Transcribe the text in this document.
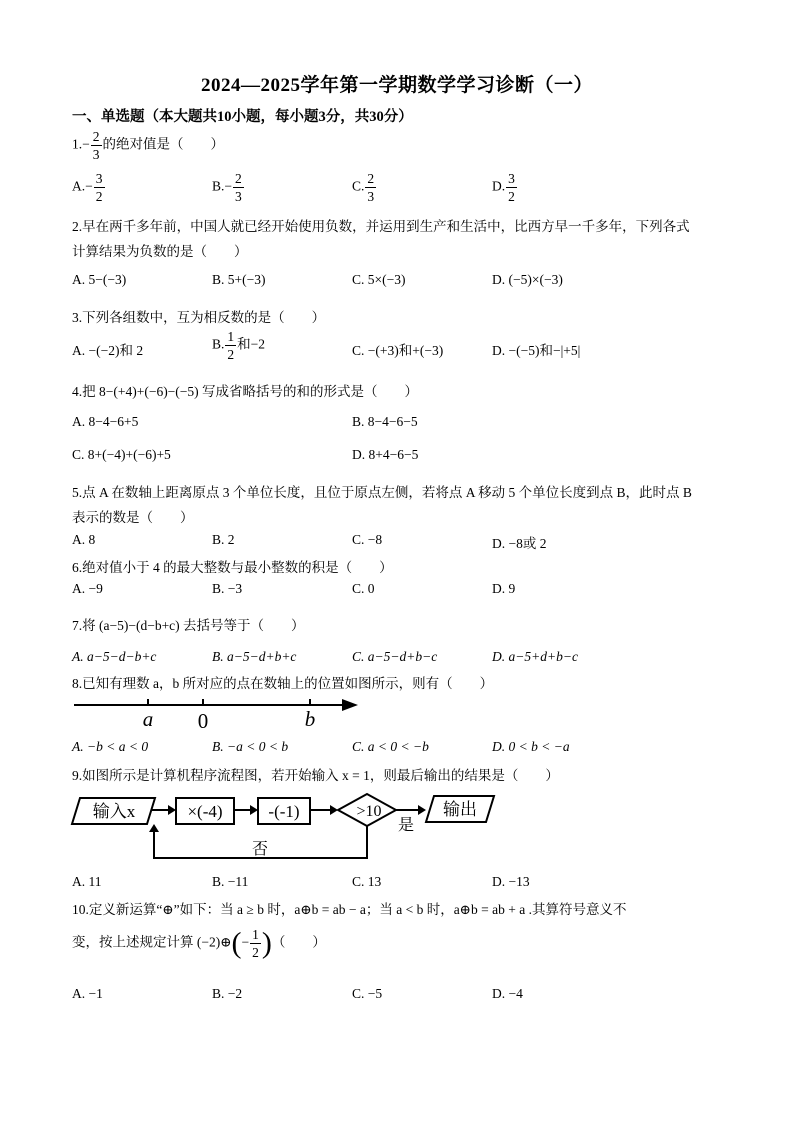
2024—2025学年第一学期数学学习诊断（一）
一、单选题（本大题共10小题，每小题3分，共30分）
$1.- \frac{2}{3}$ 的绝对值是（　　）
$A.- \frac{3}{2}$	$B.- \frac{2}{3}$	C. $\frac{2}{3}$	D. $\frac{3}{2}$
2.早在两千多年前，中国人就已经开始使用负数，并运用到生产和生活中，比西方早一千多年，下列各式
计算结果为负数的是（　　）
A. 5−(−3)	B. 5+(−3)	C. 5×(−3)	D. (−5)×(−3)
3.下列各组数中，互为相反数的是（　　）
A. −(−2)和 2	B. $\frac{1}{2}$ 和−2	C. −(+3)和+(−3)	D. −(−5)和−|+5|
4.把 8−(+4)+(−6)−(−5) 写成省略括号的和的形式是（　　）
A. 8−4−6+5	B. 8−4−6−5
C. 8+(−4)+(−6)+5	D. 8+4−6−5
5.点 A 在数轴上距离原点 3 个单位长度，且位于原点左侧，若将点 A 移动 5 个单位长度到点 B，此时点 B
表示的数是（　　）
A. 8	B. 2	C. −8	D. −8或 2
6.绝对值小于 4 的最大整数与最小整数的积是（　　）
A. −9	B. −3	C. 0	D. 9
7.将 (a−5)−(d−b+c) 去括号等于（　　）
A. a−5−d−b+c	B. a−5−d+b+c	C. a−5−d+b−c	D. a−5+d+b−c
8.已知有理数 a，b 所对应的点在数轴上的位置如图所示，则有（　　）
a 0	b
A. −b < a < 0	B. −a < 0 < b	C. a < 0 < −b	D. 0 < b < −a
9.如图所示是计算机程序流程图，若开始输入 x = 1，则最后输出的结果是（　　）
输入x	×(-4)	-(-1)	>10
是
输出
否
A. 11	B. −11	C. 13	D. −13
10.定义新运算“⊕”如下：当 a ≥ b 时，a⊕b = ab − a；当 a < b 时，a⊕b = ab + a .其算符号意义不
变，按上述规定计算 (−2)⊕(− $\frac{1}{2}$ )（　　）
A. −1	B. −2	C. −5	D. −4
